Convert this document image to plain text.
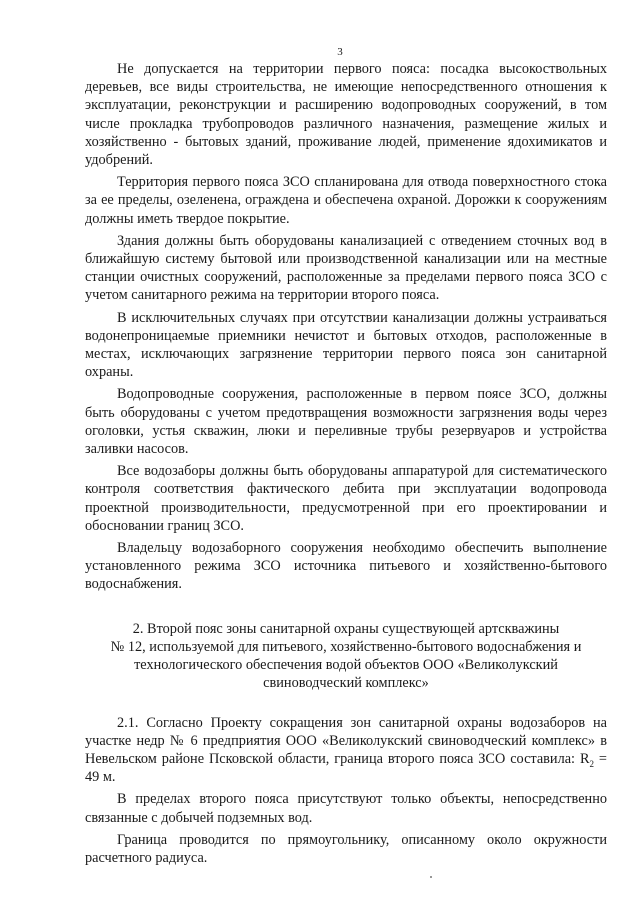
3

Не допускается на территории первого пояса: посадка высокоствольных деревьев, все виды строительства, не имеющие непосредственного отношения к эксплуатации, реконструкции и расширению водопроводных сооружений, в том числе прокладка трубопроводов различного назначения, размещение жилых и хозяйственно - бытовых зданий, проживание людей, применение ядохимикатов и удобрений.

Территория первого пояса ЗСО спланирована для отвода поверхностного стока за ее пределы, озеленена, ограждена и обеспечена охраной. Дорожки к сооружениям должны иметь твердое покрытие.

Здания должны быть оборудованы канализацией с отведением сточных вод в ближайшую систему бытовой или производственной канализации или на местные станции очистных сооружений, расположенные за пределами первого пояса ЗСО с учетом санитарного режима на территории второго пояса.

В исключительных случаях при отсутствии канализации должны устраиваться водонепроницаемые приемники нечистот и бытовых отходов, расположенные в местах, исключающих загрязнение территории первого пояса зон санитарной охраны.

Водопроводные сооружения, расположенные в первом поясе ЗСО, должны быть оборудованы с учетом предотвращения возможности загрязнения воды через оголовки, устья скважин, люки и переливные трубы резервуаров и устройства заливки насосов.

Все водозаборы должны быть оборудованы аппаратурой для систематического контроля соответствия фактического дебита при эксплуатации водопровода проектной производительности, предусмотренной при его проектировании и обосновании границ ЗСО.

Владельцу водозаборного сооружения необходимо обеспечить выполнение установленного режима ЗСО источника питьевого и хозяйственно-бытового водоснабжения.

2. Второй пояс зоны санитарной охраны существующей артскважины
№ 12, используемой для питьевого, хозяйственно-бытового водоснабжения и
технологического обеспечения водой объектов ООО «Великолукский
свиноводческий комплекс»

2.1. Согласно Проекту сокращения зон санитарной охраны водозаборов на участке недр № 6 предприятия ООО «Великолукский свиноводческий комплекс» в Невельском районе Псковской области, граница второго пояса ЗСО составила: $R_2 = 49$ м.

В пределах второго пояса присутствуют только объекты, непосредственно связанные с добычей подземных вод.

Граница проводится по прямоугольнику, описанному около окружности расчетного радиуса.
